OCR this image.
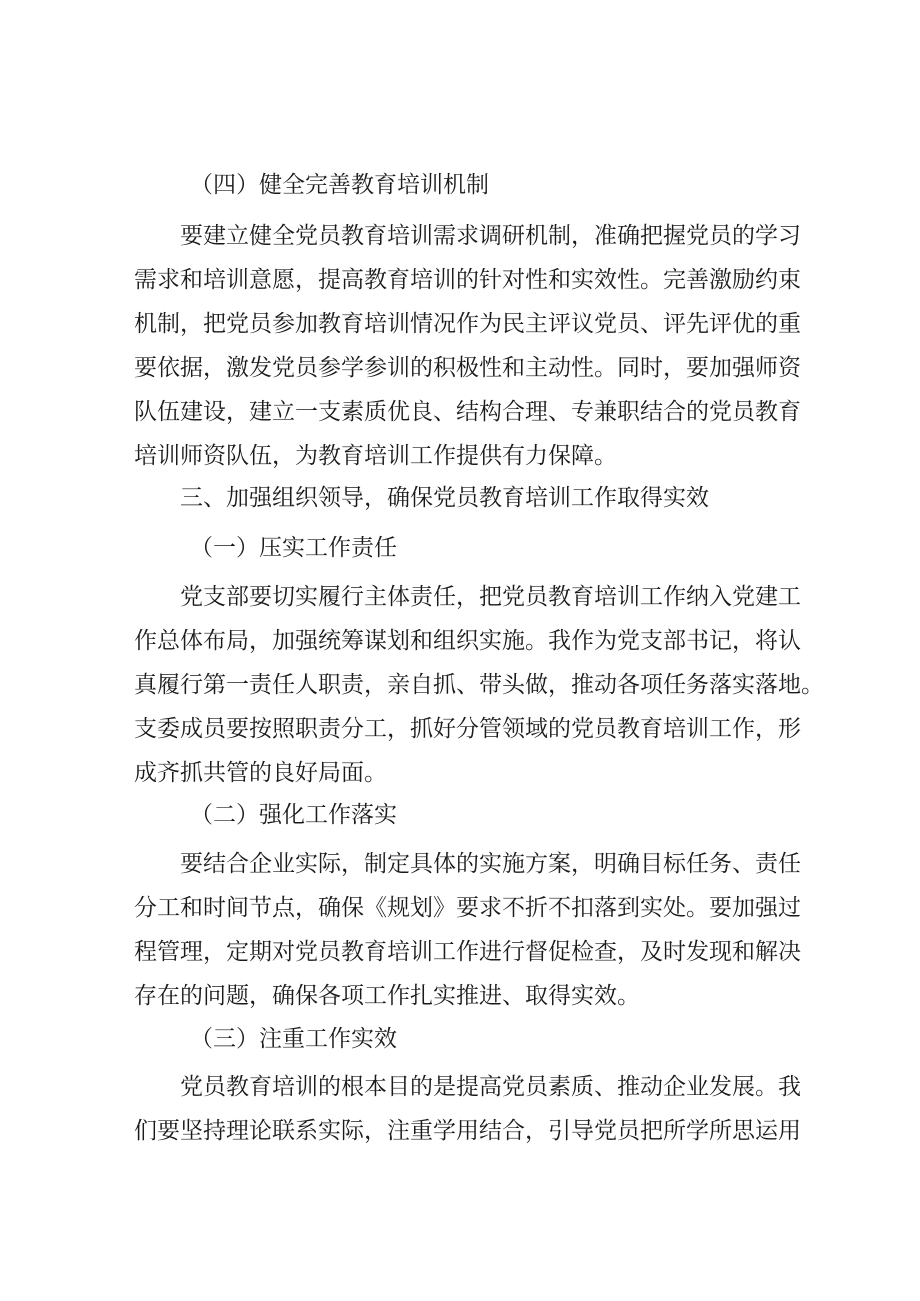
（四）健全完善教育培训机制
要建立健全党员教育培训需求调研机制，准确把握党员的学习
需求和培训意愿，提高教育培训的针对性和实效性。完善激励约束
机制，把党员参加教育培训情况作为民主评议党员、评先评优的重
要依据，激发党员参学参训的积极性和主动性。同时，要加强师资
队伍建设，建立一支素质优良、结构合理、专兼职结合的党员教育
培训师资队伍，为教育培训工作提供有力保障。
三、加强组织领导，确保党员教育培训工作取得实效
（一）压实工作责任
党支部要切实履行主体责任，把党员教育培训工作纳入党建工
作总体布局，加强统筹谋划和组织实施。我作为党支部书记，将认
真履行第一责任人职责，亲自抓、带头做，推动各项任务落实落地。
支委成员要按照职责分工，抓好分管领域的党员教育培训工作，形
成齐抓共管的良好局面。
（二）强化工作落实
要结合企业实际，制定具体的实施方案，明确目标任务、责任
分工和时间节点，确保《规划》要求不折不扣落到实处。要加强过
程管理，定期对党员教育培训工作进行督促检查，及时发现和解决
存在的问题，确保各项工作扎实推进、取得实效。
（三）注重工作实效
党员教育培训的根本目的是提高党员素质、推动企业发展。我
们要坚持理论联系实际，注重学用结合，引导党员把所学所思运用
